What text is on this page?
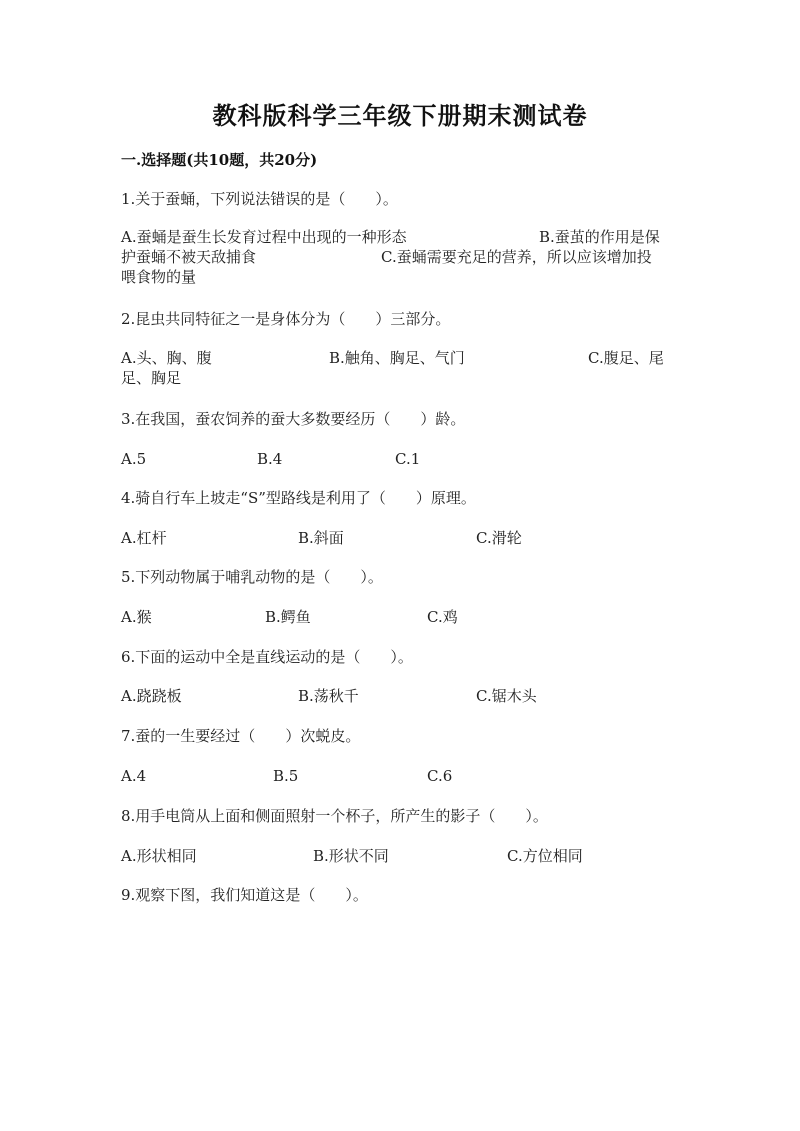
教科版科学三年级下册期末测试卷
一.选择题(共10题，共20分)
1.关于蚕蛹，下列说法错误的是（　　）。
A.蚕蛹是蚕生长发育过程中出现的一种形态	B.蚕茧的作用是保
护蚕蛹不被天敌捕食	C.蚕蛹需要充足的营养，所以应该增加投
喂食物的量
2.昆虫共同特征之一是身体分为（　　）三部分。
A.头、胸、腹	B.触角、胸足、气门	C.腹足、尾
足、胸足
3.在我国，蚕农饲养的蚕大多数要经历（　　）龄。
A.5	B.4	C.1
4.骑自行车上坡走“S”型路线是利用了（　　）原理。
A.杠杆	B.斜面	C.滑轮
5.下列动物属于哺乳动物的是（　　）。
A.猴	B.鳄鱼	C.鸡
6.下面的运动中全是直线运动的是（　　）。
A.跷跷板	B.荡秋千	C.锯木头
7.蚕的一生要经过（　　）次蜕皮。
A.4	B.5	C.6
8.用手电筒从上面和侧面照射一个杯子，所产生的影子（　　）。
A.形状相同	B.形状不同	C.方位相同
9.观察下图，我们知道这是（　　）。
